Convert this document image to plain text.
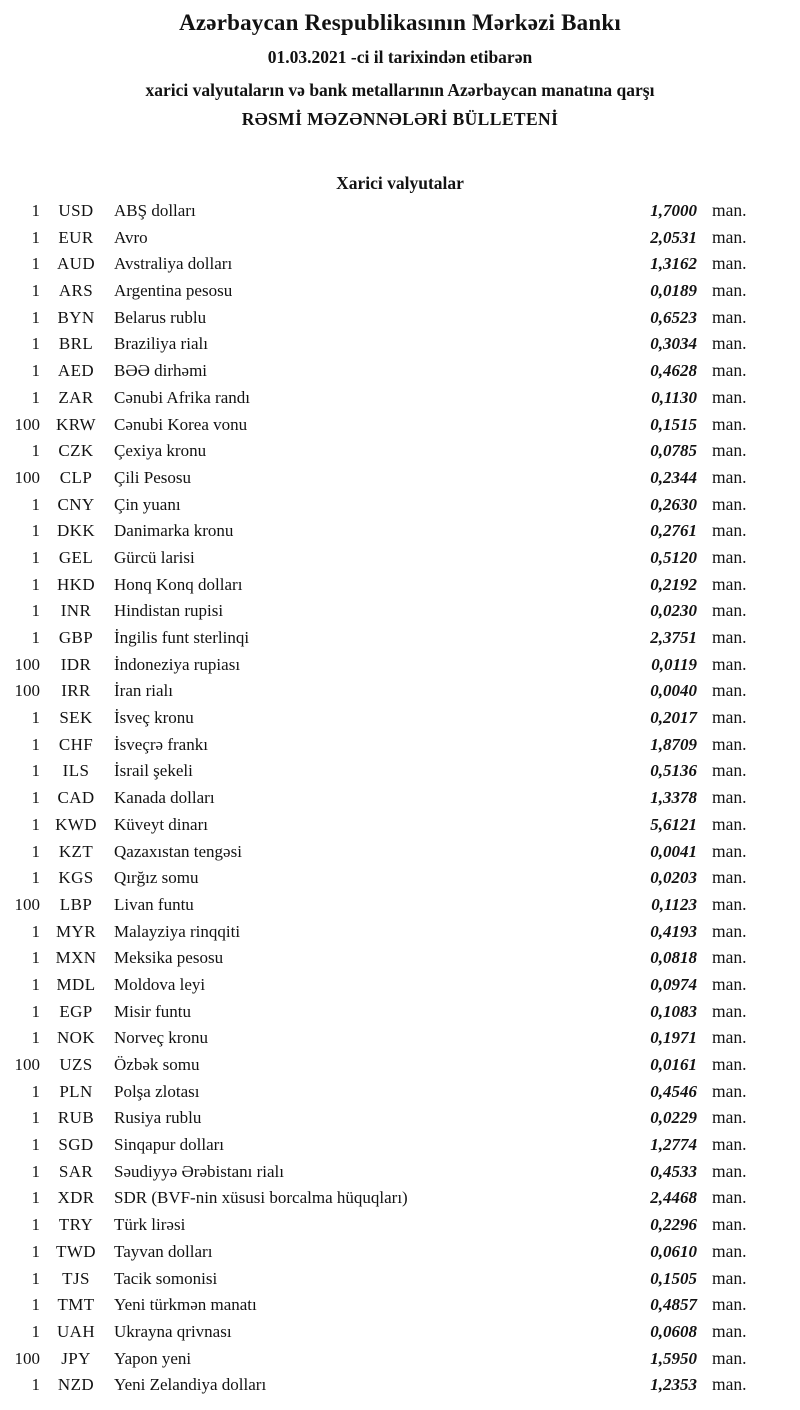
Azərbaycan Respublikasının Mərkəzi Bankı
01.03.2021 -ci il tarixindən etibarən
xarici valyutaların və bank metallarının Azərbaycan manatına qarşı
RƏSMİ MƏZƏNNƏLƏRİ BÜLLETENİ
Xarici valyutalar
1	USD	ABŞ dolları	1,7000 man.
1	EUR	Avro	2,0531 man.
1 AUD	Avstraliya dolları	1,3162 man.
1	ARS	Argentina pesosu	0,0189 man.
1	BYN	Belarus rublu	0,6523 man.
1	BRL	Braziliya rialı	0,3034 man.
1	AED	BƏƏ dirhəmi	0,4628 man.
1	ZAR	Cənubi Afrika randı	0,1130 man.
100 KRW	Cənubi Korea vonu	0,1515 man.
1	CZK	Çexiya kronu	0,0785 man.
100	CLP	Çili Pesosu	0,2344 man.
1	CNY	Çin yuanı	0,2630 man.
1 DKK	Danimarka kronu	0,2761 man.
1	GEL	Gürcü larisi	0,5120 man.
1 HKD	Honq Konq dolları	0,2192 man.
1	INR	Hindistan rupisi	0,0230 man.
1	GBP	İngilis funt sterlinqi	2,3751 man.
100	IDR	İndoneziya rupiası	0,0119 man.
100	IRR	İran rialı	0,0040 man.
1	SEK	İsveç kronu	0,2017 man.
1	CHF	İsveçrə frankı	1,8709 man.
1	ILS	İsrail şekeli	0,5136 man.
1	CAD	Kanada dolları	1,3378 man.
1 KWD	Küveyt dinarı	5,6121 man.
1	KZT	Qazaxıstan tengəsi	0,0041 man.
1	KGS	Qırğız somu	0,0203 man.
100	LBP	Livan funtu	0,1123 man.
1 MYR	Malayziya rinqqiti	0,4193 man.
1 MXN	Meksika pesosu	0,0818 man.
1 MDL	Moldova leyi	0,0974 man.
1	EGP	Misir funtu	0,1083 man.
1 NOK	Norveç kronu	0,1971 man.
100	UZS	Özbək somu	0,0161 man.
1	PLN	Polşa zlotası	0,4546 man.
1	RUB	Rusiya rublu	0,0229 man.
1	SGD	Sinqapur dolları	1,2774 man.
1	SAR	Səudiyyə Ərəbistanı rialı	0,4533 man.
1	XDR	SDR (BVF-nin xüsusi borcalma hüquqları)	2,4468 man.
1	TRY	Türk lirəsi	0,2296 man.
1 TWD	Tayvan dolları	0,0610 man.
1	TJS	Tacik somonisi	0,1505 man.
1	TMT	Yeni türkmən manatı	0,4857 man.
1 UAH	Ukrayna qrivnası	0,0608 man.
100	JPY	Yapon yeni	1,5950 man.
1	NZD	Yeni Zelandiya dolları	1,2353 man.
